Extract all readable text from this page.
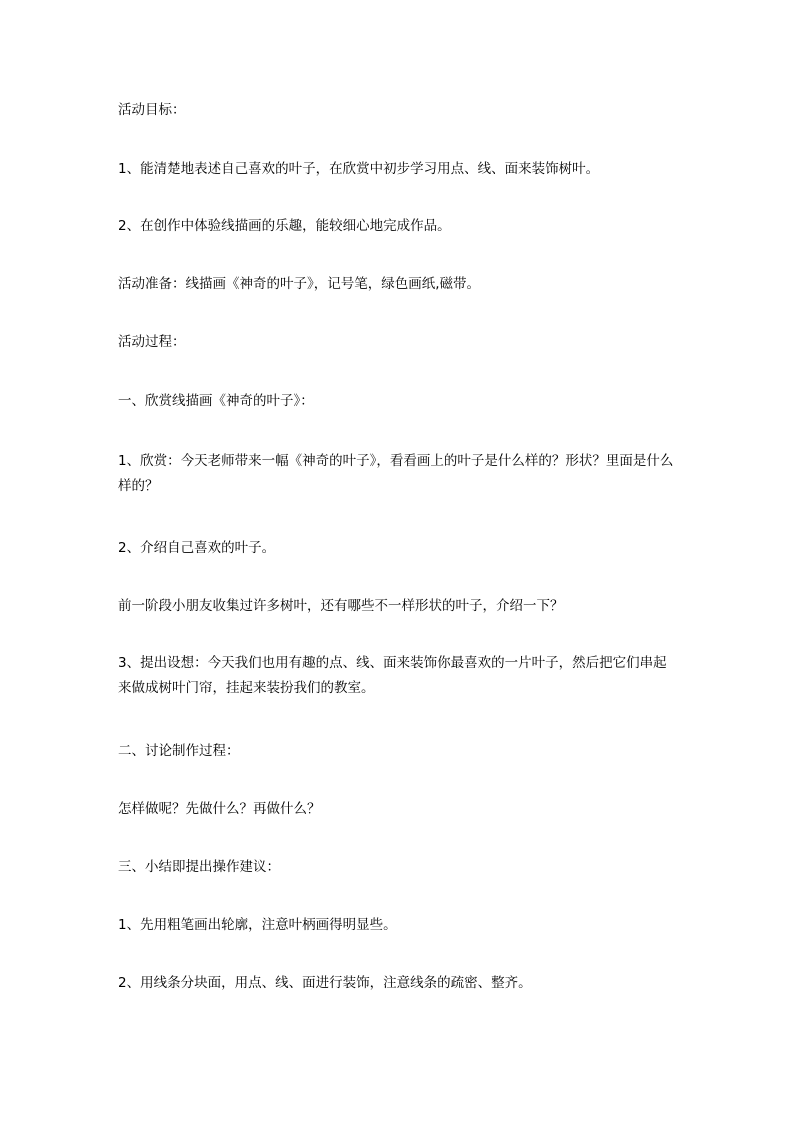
活动目标：

1、能清楚地表述自己喜欢的叶子，在欣赏中初步学习用点、线、面来装饰树叶。

2、在创作中体验线描画的乐趣，能较细心地完成作品。

活动准备：线描画《神奇的叶子》，记号笔，绿色画纸,磁带。

活动过程：

一、欣赏线描画《神奇的叶子》：

1、欣赏：今天老师带来一幅《神奇的叶子》，看看画上的叶子是什么样的？形状？里面是什么样的？

2、介绍自己喜欢的叶子。

前一阶段小朋友收集过许多树叶，还有哪些不一样形状的叶子，介绍一下？

3、提出设想：今天我们也用有趣的点、线、面来装饰你最喜欢的一片叶子，然后把它们串起来做成树叶门帘，挂起来装扮我们的教室。

二、讨论制作过程：

怎样做呢？先做什么？再做什么？

三、小结即提出操作建议：

1、先用粗笔画出轮廓，注意叶柄画得明显些。

2、用线条分块面，用点、线、面进行装饰，注意线条的疏密、整齐。
